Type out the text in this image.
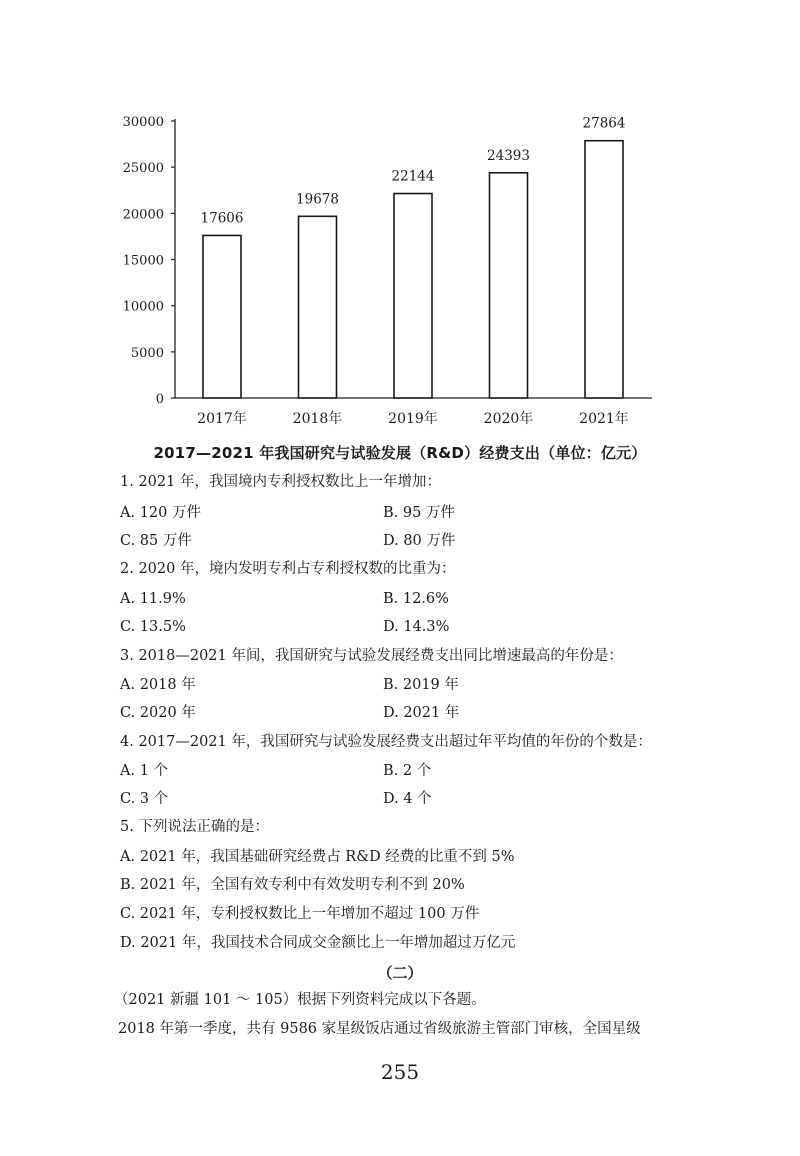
0
5000
10000
15000
20000
25000
30000
17606
2017年
19678
2018年
22144
2019年
24393
2020年
27864
2021年
2017—2021 年我国研究与试验发展（R&D）经费支出（单位：亿元）
1. 2021 年，我国境内专利授权数比上一年增加：
A. 120 万件	B. 95 万件
C. 85 万件	D. 80 万件
2. 2020 年，境内发明专利占专利授权数的比重为：
A. 11.9%	B. 12.6%
C. 13.5%	D. 14.3%
3. 2018—2021 年间，我国研究与试验发展经费支出同比增速最高的年份是：
A. 2018 年	B. 2019 年
C. 2020 年	D. 2021 年
4. 2017—2021 年，我国研究与试验发展经费支出超过年平均值的年份的个数是：
A. 1 个	B. 2 个
C. 3 个	D. 4 个
5. 下列说法正确的是：
A. 2021 年，我国基础研究经费占 R&D 经费的比重不到 5%
B. 2021 年，全国有效专利中有效发明专利不到 20%
C. 2021 年，专利授权数比上一年增加不超过 100 万件
D. 2021 年，我国技术合同成交金额比上一年增加超过万亿元
（二）
（2021 新疆 101 ～ 105）根据下列资料完成以下各题。
2018 年第一季度，共有 9586 家星级饭店通过省级旅游主管部门审核，全国星级
255
